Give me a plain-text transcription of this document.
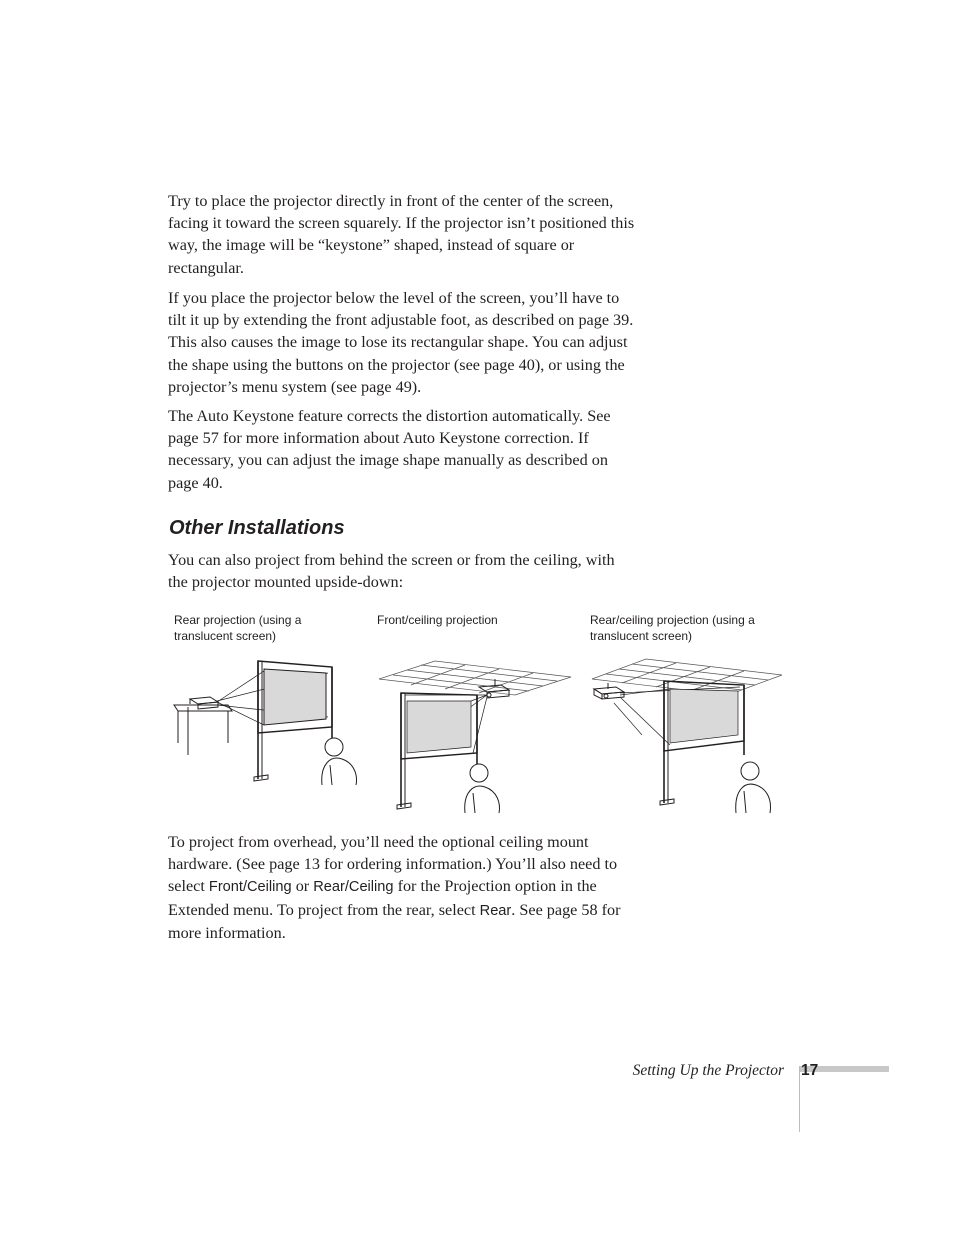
Try to place the projector directly in front of the center of the screen, facing it toward the screen squarely. If the projector isn’t positioned this way, the image will be “keystone” shaped, instead of square or rectangular.

If you place the projector below the level of the screen, you’ll have to tilt it up by extending the front adjustable foot, as described on page 39. This also causes the image to lose its rectangular shape. You can adjust the shape using the buttons on the projector (see page 40), or using the projector’s menu system (see page 49).

The Auto Keystone feature corrects the distortion automatically. See page 57 for more information about Auto Keystone correction. If necessary, you can adjust the image shape manually as described on page 40.

Other Installations

You can also project from behind the screen or from the ceiling, with the projector mounted upside-down:

Rear projection (using a translucent screen)

Front/ceiling projection	Rear/ceiling projection (using a translucent screen)

To project from overhead, you’ll need the optional ceiling mount hardware. (See page 13 for ordering information.) You’ll also need to select Front/Ceiling or Rear/Ceiling for the Projection option in the Extended menu. To project from the rear, select Rear. See page 58 for more information.

Setting Up the Projector 17
